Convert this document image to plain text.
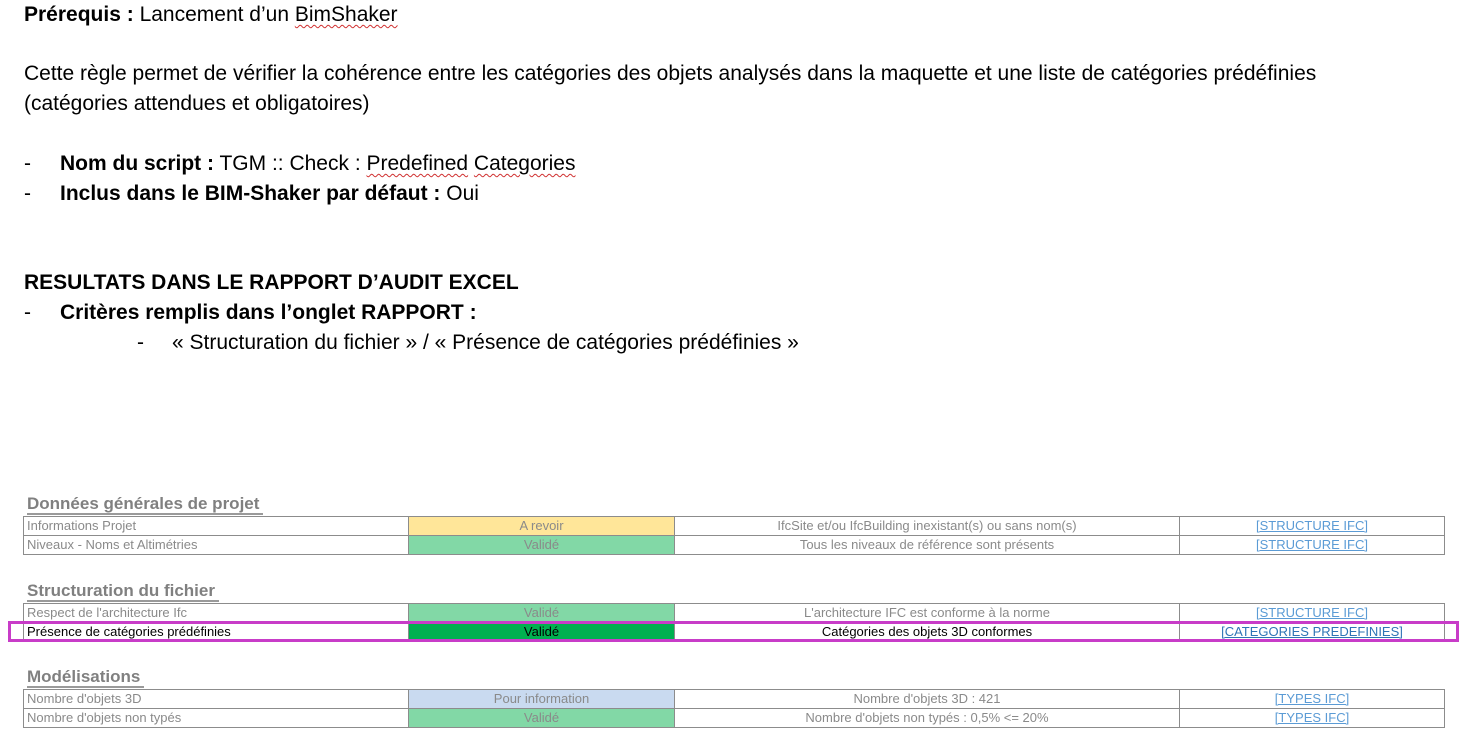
Prérequis : Lancement d’un BimShaker
Cette règle permet de vérifier la cohérence entre les catégories des objets analysés dans la maquette et une liste de catégories prédéfinies
(catégories attendues et obligatoires)
- Nom du script : TGM :: Check : Predefined Categories
- Inclus dans le BIM-Shaker par défaut : Oui
RESULTATS DANS LE RAPPORT D’AUDIT EXCEL
- Critères remplis dans l’onglet RAPPORT :
- « Structuration du fichier » / « Présence de catégories prédéfinies »
Données générales de projet
Informations Projet	A revoir	IfcSite et/ou IfcBuilding inexistant(s) ou sans nom(s)	[STRUCTURE IFC]
Niveaux - Noms et Altimétries	Validé	Tous les niveaux de référence sont présents	[STRUCTURE IFC]
Structuration du fichier
Respect de l'architecture Ifc	Validé	L'architecture IFC est conforme à la norme	[STRUCTURE IFC]
Présence de catégories prédéfinies	Validé	Catégories des objets 3D conformes	[CATEGORIES PREDEFINIES]
Modélisations
Nombre d'objets 3D	Pour information	Nombre d'objets 3D : 421	[TYPES IFC]
Nombre d'objets non typés	Validé	Nombre d'objets non typés : 0,5% <= 20%	[TYPES IFC]
